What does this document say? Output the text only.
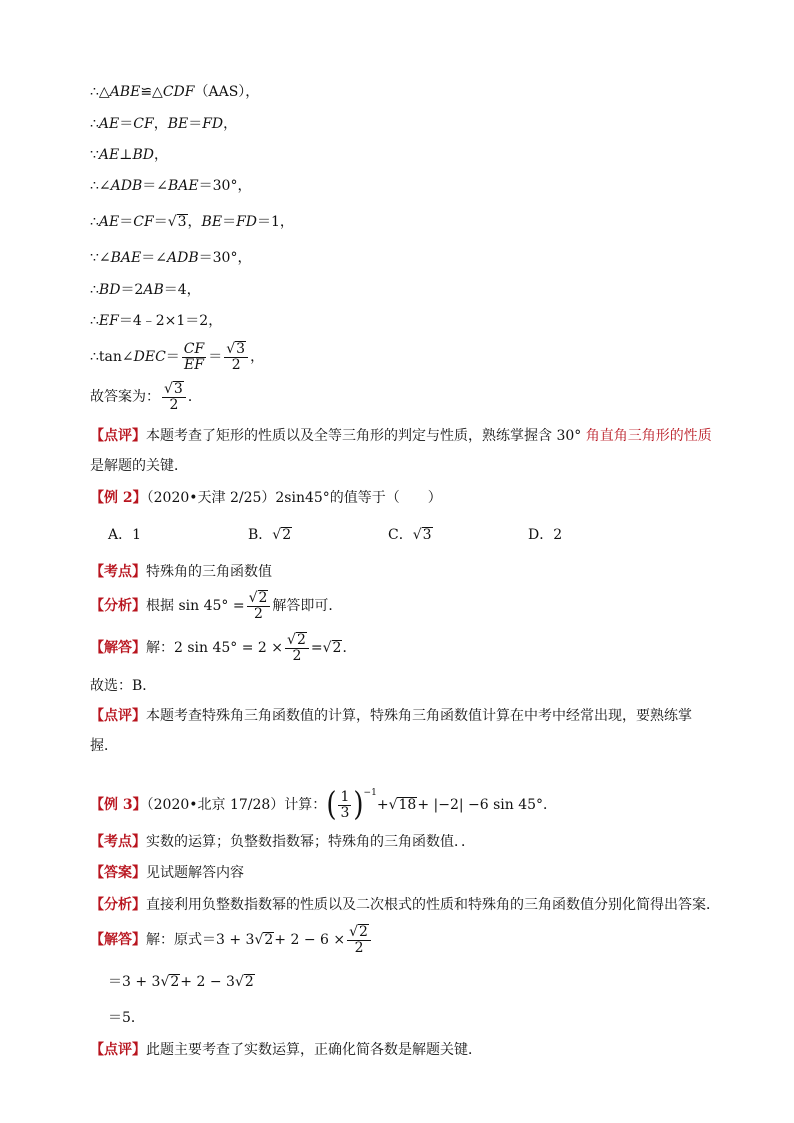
∴△ABE≌△CDF（AAS），
∴AE＝CF，BE＝FD，
∵AE⊥BD，
∴∠ADB＝∠BAE＝30°，
∴AE＝CF＝√3，BE＝FD＝1，
∵∠BAE＝∠ADB＝30°，
∴BD＝2AB＝4，
∴EF＝4﹣2×1＝2，
∴tan∠DEC＝ $\frac{CF}{EF} = \frac{√3}{2}$ ，
故答案为： $\frac{√3}{2}$ ．
【点评】本题考查了矩形的性质以及全等三角形的判定与性质，熟练掌握含 30° 角直角三角形的性质
是解题的关键．
【例 2】（2020•天津 2/25）2sin45°的值等于（　　）
A．1	B．√2	C．√3	D．2
【考点】特殊角的三角函数值
【分析】根据 $\sin 45^\circ = \frac{√2}{2}$ 解答即可．
【解答】解：2 $\sin 45^\circ = 2 \times \frac{√2}{2} =√2$．
故选：B．
【点评】本题考查特殊角三角函数值的计算，特殊角三角函数值计算在中考中经常出现，要熟练掌
握．
【例 3】（2020•北京 17/28）计算：( $\frac{1}{3} )^{-1}+√18+ |-2| -6$ sin 45°．
【考点】实数的运算；负整数指数幂；特殊角的三角函数值．．
【答案】见试题解答内容
【分析】直接利用负整数指数幂的性质以及二次根式的性质和特殊角的三角函数值分别化简得出答案．
【解答】解：原式$=3 + 3√2+ 2 - 6 \times \frac{√2}{2}$
＝3 + 3√2+ 2 − 3√2
＝5．
【点评】此题主要考查了实数运算，正确化简各数是解题关键．
